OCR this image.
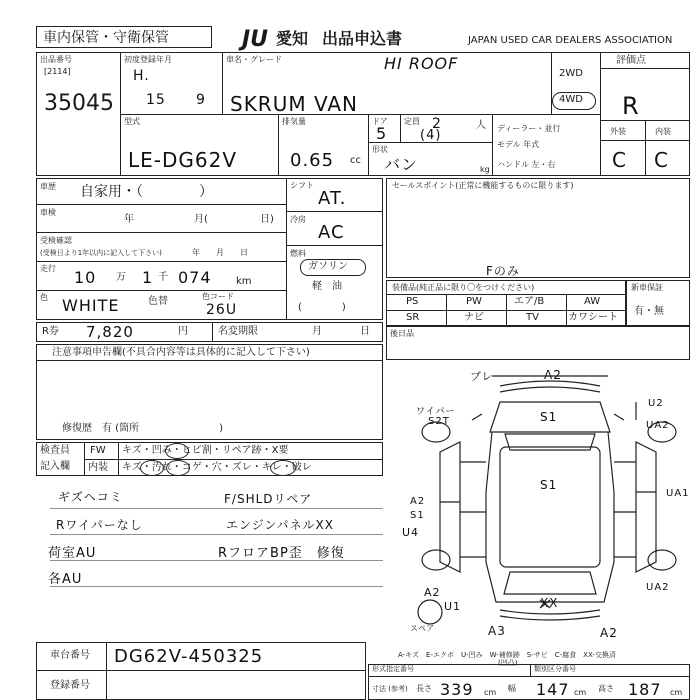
車内保管・守衛保管	JU 愛知 出品申込書	JAPAN USED CAR DEALERS ASSOCIATION
出品番号
[2114]
35045
初度登録年月
H.
15 9
車名・グレード	HI ROOF
SKRUM VAN
2WD
4WD
評価点
R
外装	内装
C C
型式
LE-DG62V
排気量
0.65 cc
ドア
5
定員 2
(4)
人
形状
バン	kg
ディーラー・並行
モデル 年式
ハンドル 左・右
車歴 自家用・（　　　　）
車検
年	月(	日)
受検確認
(受検日より1年以内に記入して下さい)	年　　月　　日
走行 10 万 1 千 074 km
色 WHITE	色替	色コード
26U
シフト
AT.
冷房
AC
燃料
ガソリン
軽　油
(　　　　)
セールスポイント(正常に機能するものに限ります)
装備品(純正品に限り〇をつけください)
Fのみ
PS	PW	エア/B	AW
SR	ナビ	TV	カワシート
新車保証
有・無
後日品
R券 7,820	円	名変期限	月	日
注意事項申告欄(不具合内容等は具体的に記入して下さい)
修復歴　有 (箇所　　　　　　　　)
検査員
記入欄
FW キズ・凹み・ヒビ割・リペア跡・X要
内装 キズ・汚れ・コゲ・穴・ズレ・キレ・破レ
ギズヘコミ
Rワイパーなし
荷室AU
各AU
F/SHLDリペア
エンジンパネルXX
RフロアBP歪　修復
ブレ	A2
S1
S1
U2
UA2
UA1
ワイパー
S2T
A2
S1
U4
UA2
A2
U1	XX
A3	A2
スペア
A-キズ　E-エクボ　U-凹み　W-補修跡　S-サビ　C-腐食　XX-交換済
(凹凸)
車台番号 DG62V-450325
登録番号
形式指定番号	類別区分番号
寸法 (参考) 長さ 339 cm 幅 147 cm 高さ 187 cm
